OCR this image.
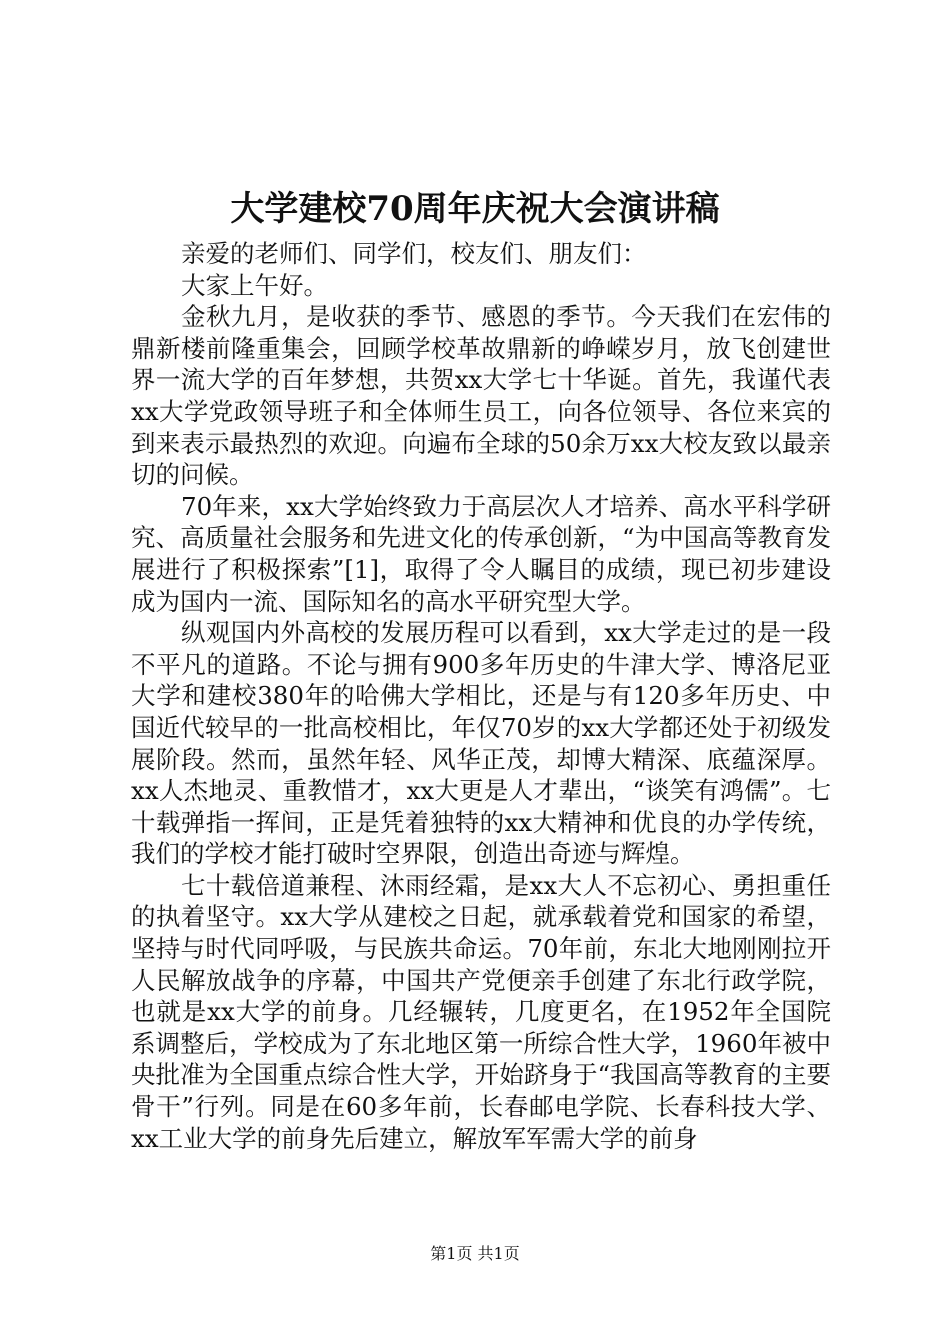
大学建校70周年庆祝大会演讲稿

亲爱的老师们、同学们，校友们、朋友们：

大家上午好。

金秋九月，是收获的季节、感恩的季节。今天我们在宏伟的鼎新楼前隆重集会，回顾学校革故鼎新的峥嵘岁月，放飞创建世界一流大学的百年梦想，共贺xx大学七十华诞。首先，我谨代表xx大学党政领导班子和全体师生员工，向各位领导、各位来宾的到来表示最热烈的欢迎。向遍布全球的50余万xx大校友致以最亲切的问候。

70年来，xx大学始终致力于高层次人才培养、高水平科学研究、高质量社会服务和先进文化的传承创新，“为中国高等教育发展进行了积极探索”[1]，取得了令人瞩目的成绩，现已初步建设成为国内一流、国际知名的高水平研究型大学。

纵观国内外高校的发展历程可以看到，xx大学走过的是一段不平凡的道路。不论与拥有900多年历史的牛津大学、博洛尼亚大学和建校380年的哈佛大学相比，还是与有120多年历史、中国近代较早的一批高校相比，年仅70岁的xx大学都还处于初级发展阶段。然而，虽然年轻、风华正茂，却博大精深、底蕴深厚。xx人杰地灵、重教惜才，xx大更是人才辈出，“谈笑有鸿儒”。七十载弹指一挥间，正是凭着独特的xx大精神和优良的办学传统，我们的学校才能打破时空界限，创造出奇迹与辉煌。

七十载倍道兼程、沐雨经霜，是xx大人不忘初心、勇担重任的执着坚守。xx大学从建校之日起，就承载着党和国家的希望，坚持与时代同呼吸，与民族共命运。70年前，东北大地刚刚拉开人民解放战争的序幕，中国共产党便亲手创建了东北行政学院，也就是xx大学的前身。几经辗转，几度更名，在1952年全国院系调整后，学校成为了东北地区第一所综合性大学，1960年被中央批准为全国重点综合性大学，开始跻身于“我国高等教育的主要骨干”行列。同是在60多年前，长春邮电学院、长春科技大学、xx工业大学的前身先后建立，解放军军需大学的前身

第1页 共1页
